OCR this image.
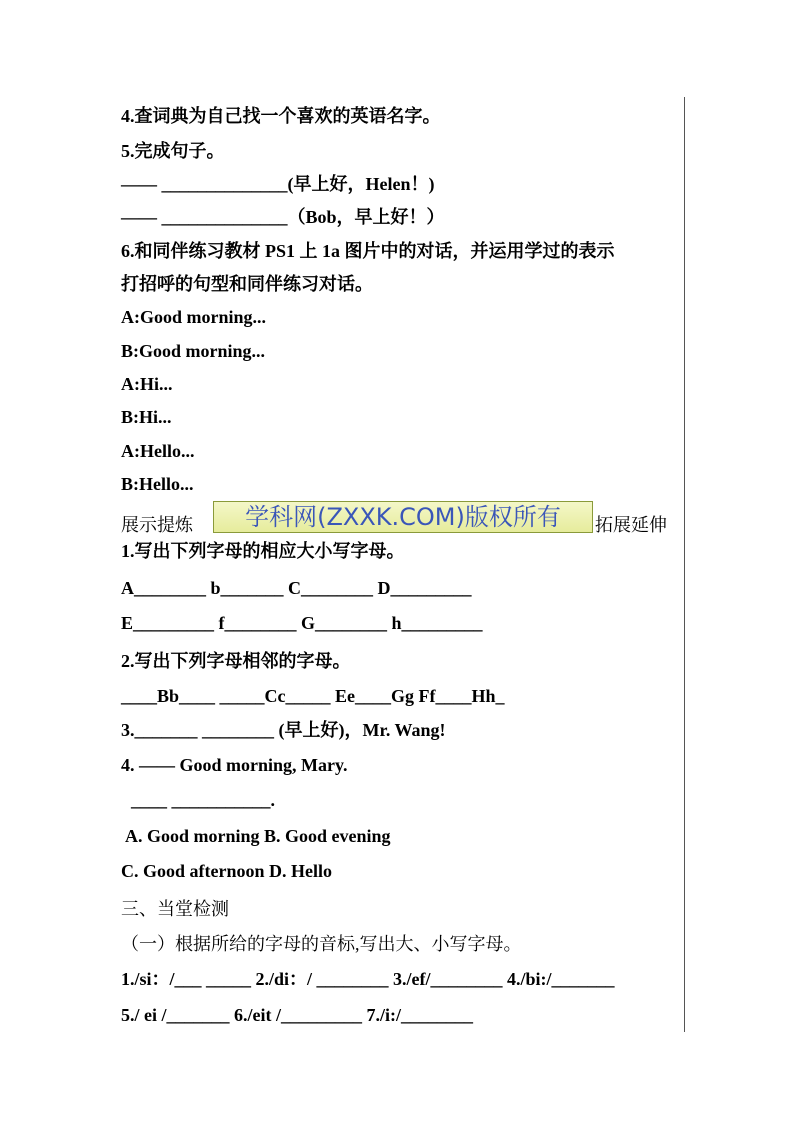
4.查词典为自己找一个喜欢的英语名字。
5.完成句子。
—— ______________(早上好，Helen！)
—— ______________（Bob，早上好！）
6.和同伴练习教材 PS1 上 1a 图片中的对话，并运用学过的表示
打招呼的句型和同伴练习对话。
A:Good morning...
B:Good morning...
A:Hi...
B:Hi...
A:Hello...
B:Hello...
展示提炼	学科网(ZXXK.COM)版权所有	拓展延伸
1.写出下列字母的相应大小写字母。
A________ b_______ C________ D_________
E_________ f________ G________ h_________
2.写出下列字母相邻的字母。
____Bb____ _____Cc_____ Ee____Gg Ff____Hh_
3._______ ________ (早上好)，Mr. Wang!
4. —— Good morning, Mary.
____ ___________.
A. Good morning B. Good evening
C. Good afternoon D. Hello
三、当堂检测
（一）根据所给的字母的音标,写出大、小写字母。
1./si：/___ _____ 2./di：/ ________ 3./ef/________ 4./bi:/_______
5./ ei /_______ 6./eit /_________ 7./i:/________
